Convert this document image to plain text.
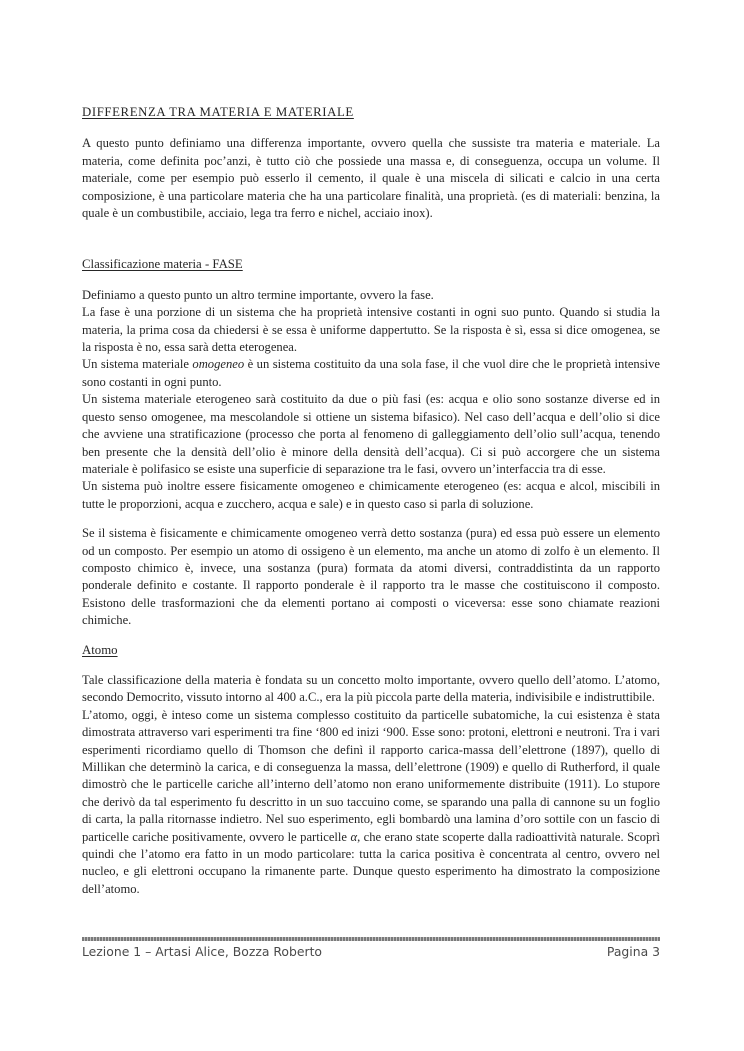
DIFFERENZA TRA MATERIA E MATERIALE

A questo punto definiamo una differenza importante, ovvero quella che sussiste tra materia e materiale. La materia, come definita poc’anzi, è tutto ciò che possiede una massa e, di conseguenza, occupa un volume. Il materiale, come per esempio può esserlo il cemento, il quale è una miscela di silicati e calcio in una certa composizione, è una particolare materia che ha una particolare finalità, una proprietà. (es di materiali: benzina, la quale è un combustibile, acciaio, lega tra ferro e nichel, acciaio inox).

Classificazione materia - FASE

Definiamo a questo punto un altro termine importante, ovvero la fase.

La fase è una porzione di un sistema che ha proprietà intensive costanti in ogni suo punto. Quando si studia la materia, la prima cosa da chiedersi è se essa è uniforme dappertutto. Se la risposta è sì, essa si dice omogenea, se la risposta è no, essa sarà detta eterogenea.

Un sistema materiale omogeneo è un sistema costituito da una sola fase, il che vuol dire che le proprietà intensive sono costanti in ogni punto.

Un sistema materiale eterogeneo sarà costituito da due o più fasi (es: acqua e olio sono sostanze diverse ed in questo senso omogenee, ma mescolandole si ottiene un sistema bifasico). Nel caso dell’acqua e dell’olio si dice che avviene una stratificazione (processo che porta al fenomeno di galleggiamento dell’olio sull’acqua, tenendo ben presente che la densità dell’olio è minore della densità dell’acqua). Ci si può accorgere che un sistema materiale è polifasico se esiste una superficie di separazione tra le fasi, ovvero un’interfaccia tra di esse.

Un sistema può inoltre essere fisicamente omogeneo e chimicamente eterogeneo (es: acqua e alcol, miscibili in tutte le proporzioni, acqua e zucchero, acqua e sale) e in questo caso si parla di soluzione.

Se il sistema è fisicamente e chimicamente omogeneo verrà detto sostanza (pura) ed essa può essere un elemento od un composto. Per esempio un atomo di ossigeno è un elemento, ma anche un atomo di zolfo è un elemento. Il composto chimico è, invece, una sostanza (pura) formata da atomi diversi, contraddistinta da un rapporto ponderale definito e costante. Il rapporto ponderale è il rapporto tra le masse che costituiscono il composto. Esistono delle trasformazioni che da elementi portano ai composti o viceversa: esse sono chiamate reazioni chimiche.

Atomo

Tale classificazione della materia è fondata su un concetto molto importante, ovvero quello dell’atomo. L’atomo, secondo Democrito, vissuto intorno al 400 a.C., era la più piccola parte della materia, indivisibile e indistruttibile.

L’atomo, oggi, è inteso come un sistema complesso costituito da particelle subatomiche, la cui esistenza è stata dimostrata attraverso vari esperimenti tra fine ‘800 ed inizi ‘900. Esse sono: protoni, elettroni e neutroni. Tra i vari esperimenti ricordiamo quello di Thomson che definì il rapporto carica-massa dell’elettrone (1897), quello di Millikan che determinò la carica, e di conseguenza la massa, dell’elettrone (1909) e quello di Rutherford, il quale dimostrò che le particelle cariche all’interno dell’atomo non erano uniformemente distribuite (1911). Lo stupore che derivò da tal esperimento fu descritto in un suo taccuino come, se sparando una palla di cannone su un foglio di carta, la palla ritornasse indietro. Nel suo esperimento, egli bombardò una lamina d’oro sottile con un fascio di particelle cariche positivamente, ovvero le particelle α, che erano state scoperte dalla radioattività naturale. Scoprì quindi che l’atomo era fatto in un modo particolare: tutta la carica positiva è concentrata al centro, ovvero nel nucleo, e gli elettroni occupano la rimanente parte. Dunque questo esperimento ha dimostrato la composizione dell’atomo.

Lezione 1 – Artasi Alice, Bozza Roberto	Pagina 3
